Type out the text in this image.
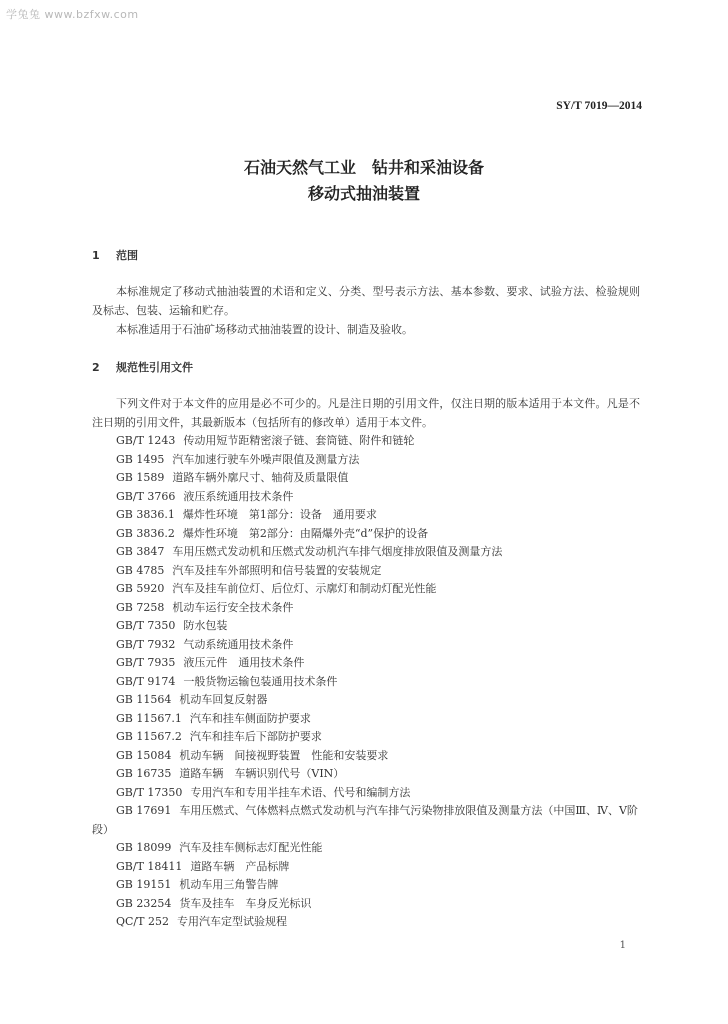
学兔兔 www.bzfxw.com
SY/T 7019—2014
石油天然气工业　钻井和采油设备
移动式抽油装置
1 范围
本标准规定了移动式抽油装置的术语和定义、分类、型号表示方法、基本参数、要求、试验方法、检验规则及标志、包装、运输和贮存。
本标准适用于石油矿场移动式抽油装置的设计、制造及验收。
2 规范性引用文件
下列文件对于本文件的应用是必不可少的。凡是注日期的引用文件，仅注日期的版本适用于本文件。凡是不注日期的引用文件，其最新版本（包括所有的修改单）适用于本文件。
GB/T 1243 传动用短节距精密滚子链、套筒链、附件和链轮
GB 1495 汽车加速行驶车外噪声限值及测量方法
GB 1589 道路车辆外廓尺寸、轴荷及质量限值
GB/T 3766 液压系统通用技术条件
GB 3836.1 爆炸性环境　第1部分：设备　通用要求
GB 3836.2 爆炸性环境　第2部分：由隔爆外壳“d”保护的设备
GB 3847 车用压燃式发动机和压燃式发动机汽车排气烟度排放限值及测量方法
GB 4785 汽车及挂车外部照明和信号装置的安装规定
GB 5920 汽车及挂车前位灯、后位灯、示廓灯和制动灯配光性能
GB 7258 机动车运行安全技术条件
GB/T 7350 防水包装
GB/T 7932 气动系统通用技术条件
GB/T 7935 液压元件　通用技术条件
GB/T 9174 一般货物运输包装通用技术条件
GB 11564 机动车回复反射器
GB 11567.1 汽车和挂车侧面防护要求
GB 11567.2 汽车和挂车后下部防护要求
GB 15084 机动车辆　间接视野装置　性能和安装要求
GB 16735 道路车辆　车辆识别代号（VIN）
GB/T 17350 专用汽车和专用半挂车术语、代号和编制方法
GB 17691 车用压燃式、气体燃料点燃式发动机与汽车排气污染物排放限值及测量方法（中国Ⅲ、Ⅳ、Ⅴ阶段）
GB 18099 汽车及挂车侧标志灯配光性能
GB/T 18411 道路车辆　产品标牌
GB 19151 机动车用三角警告牌
GB 23254 货车及挂车　车身反光标识
QC/T 252 专用汽车定型试验规程
1
